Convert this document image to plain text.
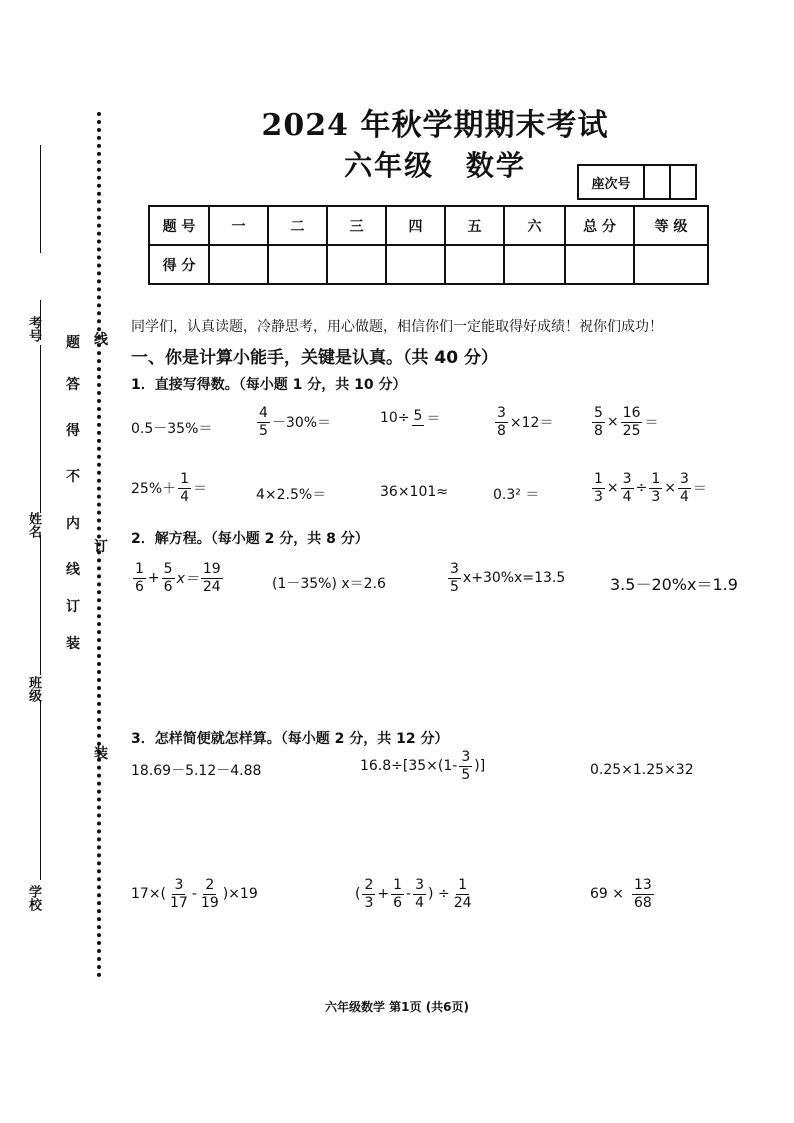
考号
姓名
班级
学校
题
答
得
不
内
线
订
装
线
订
装
2024 年秋学期期末考试
六年级 数学
座次号		
题 号	一	二	三	四	五	六	总 分	等 级
得 分								
同学们，认真读题，冷静思考，用心做题，相信你们一定能取得好成绩！祝你们成功！
一、你是计算小能手，关键是认真。（共 40 分）
1．直接写得数。（每小题 1 分，共 10 分）
0.5－35%＝	$\frac{4}{5} -30\%=$	10÷ 5 ＝	$\frac{3}{8} \times 12=$	$\frac{5}{8} \times \frac{16}{25}$ ＝
$25\%+ \frac{1}{4}$ ＝	4×2.5%＝	36×101≈	0.3² ＝	$\frac{1}{3} \times \frac{3}{4} \div \frac{1}{3} \times \frac{3}{4}$ ＝
2．解方程。（每小题 2 分，共 8 分）
$\frac{1}{6} + \frac{5}{6} x= \frac{19}{24}$	(1－35%) x＝2.6	$\frac{3}{5} x+30\%x=13.5$	3.5－20%x＝1.9
3．怎样简便就怎样算。（每小题 2 分，共 12 分）
18.69－5.12－4.88	$16.8\div[35\times(1- \frac{3}{5}$ )]	0.25×1.25×32
$17\times( \frac{3}{17} - \frac{2}{19} )\times 19$	( $\frac{2}{3} + \frac{1}{6} - \frac{3}{4}$ ) ÷ $\frac{1}{24}$	$69 \times \frac{13}{68}$
六年级数学 第1页 (共6页)
